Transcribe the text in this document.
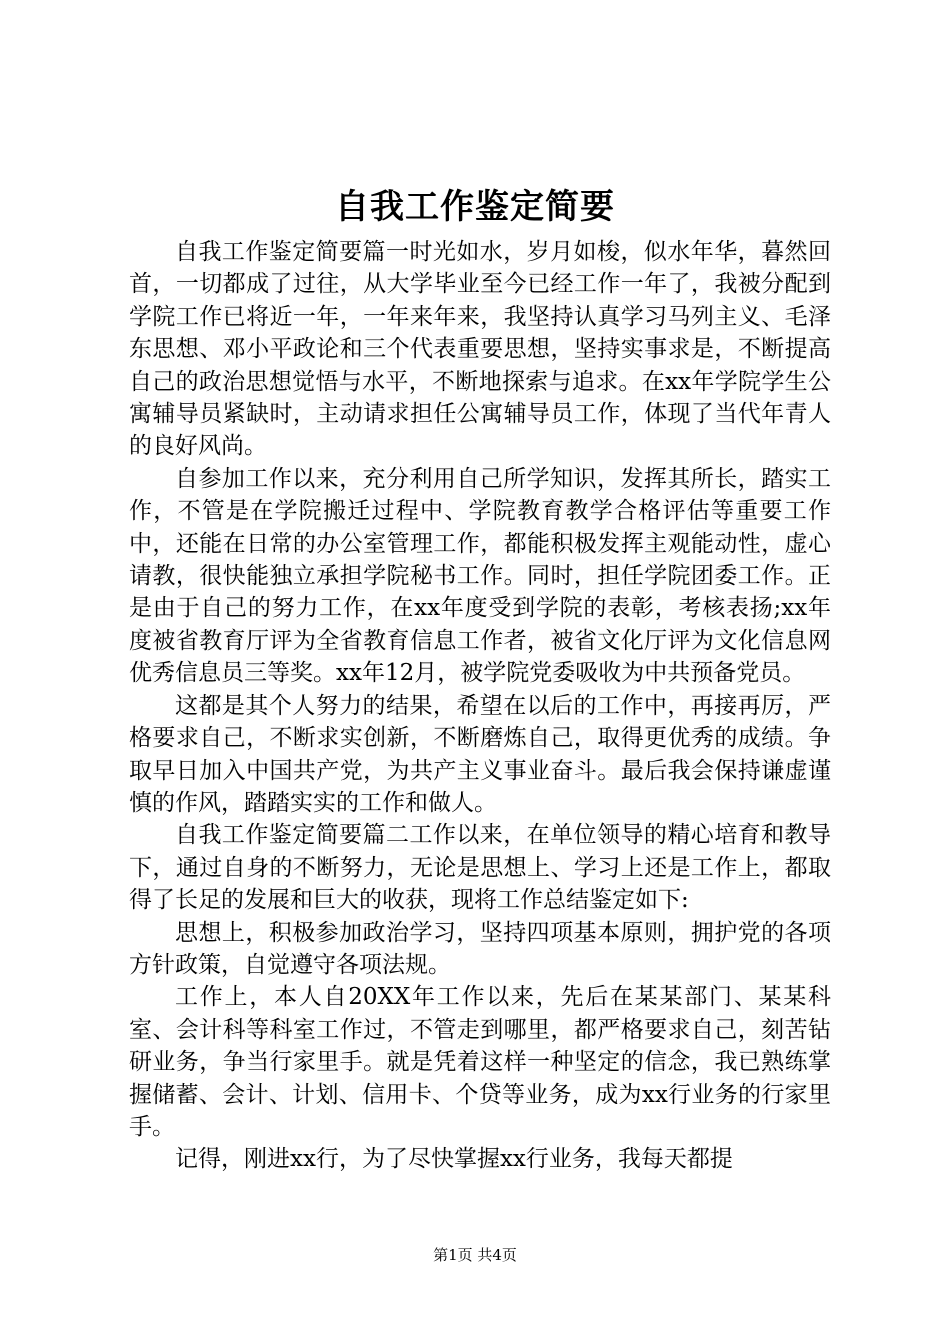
自我工作鉴定简要

自我工作鉴定简要篇一时光如水，岁月如梭，似水年华，暮然回首，一切都成了过往，从大学毕业至今已经工作一年了，我被分配到学院工作已将近一年，一年来年来，我坚持认真学习马列主义、毛泽东思想、邓小平政论和三个代表重要思想，坚持实事求是，不断提高自己的政治思想觉悟与水平，不断地探索与追求。在xx年学院学生公寓辅导员紧缺时，主动请求担任公寓辅导员工作，体现了当代年青人的良好风尚。

自参加工作以来，充分利用自己所学知识，发挥其所长，踏实工作，不管是在学院搬迁过程中、学院教育教学合格评估等重要工作中，还能在日常的办公室管理工作，都能积极发挥主观能动性，虚心请教，很快能独立承担学院秘书工作。同时，担任学院团委工作。正是由于自己的努力工作，在xx年度受到学院的表彰，考核表扬;xx年度被省教育厅评为全省教育信息工作者，被省文化厅评为文化信息网优秀信息员三等奖。xx年12月，被学院党委吸收为中共预备党员。

这都是其个人努力的结果，希望在以后的工作中，再接再厉，严格要求自己，不断求实创新，不断磨炼自己，取得更优秀的成绩。争取早日加入中国共产党，为共产主义事业奋斗。最后我会保持谦虚谨慎的作风，踏踏实实的工作和做人。

自我工作鉴定简要篇二工作以来，在单位领导的精心培育和教导下，通过自身的不断努力，无论是思想上、学习上还是工作上，都取得了长足的发展和巨大的收获，现将工作总结鉴定如下:

思想上，积极参加政治学习，坚持四项基本原则，拥护党的各项方针政策，自觉遵守各项法规。

工作上，本人自20XX年工作以来，先后在某某部门、某某科室、会计科等科室工作过，不管走到哪里，都严格要求自己，刻苦钻研业务，争当行家里手。就是凭着这样一种坚定的信念，我已熟练掌握储蓄、会计、计划、信用卡、个贷等业务，成为xx行业务的行家里手。

记得，刚进xx行，为了尽快掌握xx行业务，我每天都提

第1页 共4页
